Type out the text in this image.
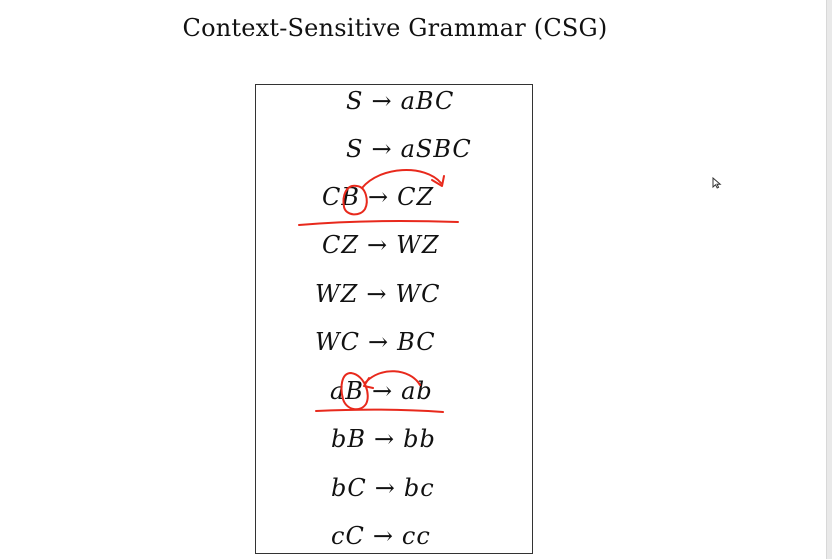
Context-Sensitive Grammar (CSG)
S → aBC
S → aSBC
CB → CZ
CZ → WZ
WZ → WC
WC → BC
aB → ab
bB → bb
bC → bc
cC → cc
